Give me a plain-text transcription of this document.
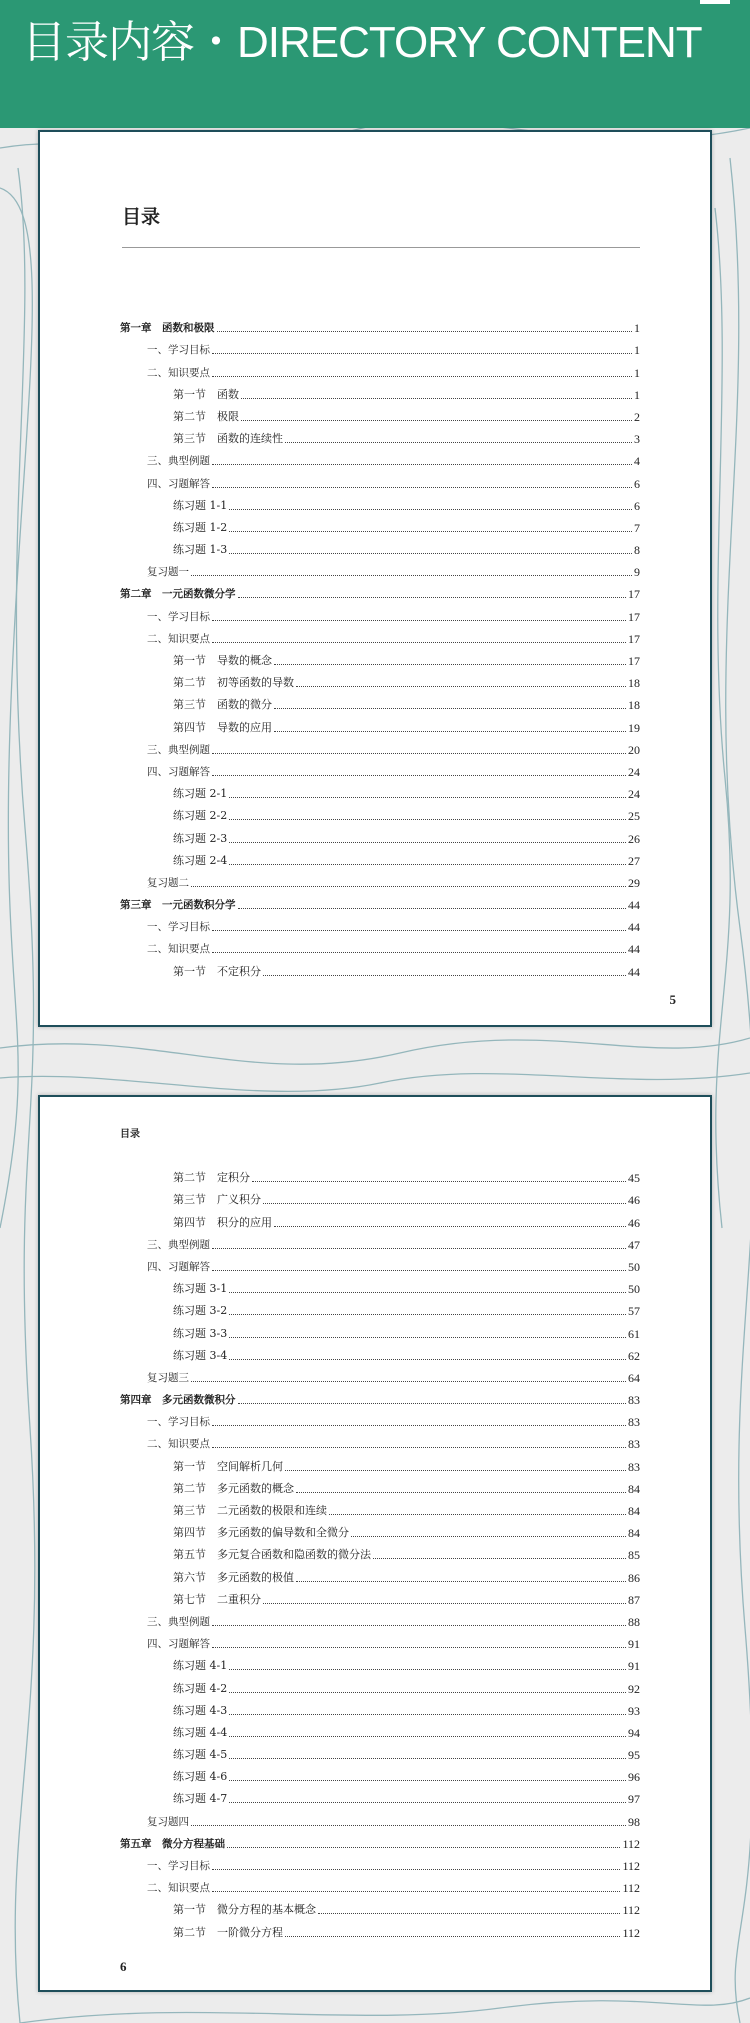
目录内容・DIRECTORY CONTENT
目录
第一章　函数和极限	1
一、学习目标	1
二、知识要点	1
第一节　函数	1
第二节　极限	2
第三节　函数的连续性	3
三、典型例题	4
四、习题解答	6
练习题 1-1	6
练习题 1-2	7
练习题 1-3	8
复习题一	9
第二章　一元函数微分学	17
一、学习目标	17
二、知识要点	17
第一节　导数的概念	17
第二节　初等函数的导数	18
第三节　函数的微分	18
第四节　导数的应用	19
三、典型例题	20
四、习题解答	24
练习题 2-1	24
练习题 2-2	25
练习题 2-3	26
练习题 2-4	27
复习题二	29
第三章　一元函数积分学	44
一、学习目标	44
二、知识要点	44
第一节　不定积分	44
5
目录
第二节　定积分	45
第三节　广义积分	46
第四节　积分的应用	46
三、典型例题	47
四、习题解答	50
练习题 3-1	50
练习题 3-2	57
练习题 3-3	61
练习题 3-4	62
复习题三	64
第四章　多元函数微积分	83
一、学习目标	83
二、知识要点	83
第一节　空间解析几何	83
第二节　多元函数的概念	84
第三节　二元函数的极限和连续	84
第四节　多元函数的偏导数和全微分	84
第五节　多元复合函数和隐函数的微分法	85
第六节　多元函数的极值	86
第七节　二重积分	87
三、典型例题	88
四、习题解答	91
练习题 4-1	91
练习题 4-2	92
练习题 4-3	93
练习题 4-4	94
练习题 4-5	95
练习题 4-6	96
练习题 4-7	97
复习题四	98
第五章　微分方程基础	112
一、学习目标	112
二、知识要点	112
第一节　微分方程的基本概念	112
第二节　一阶微分方程	112
6
